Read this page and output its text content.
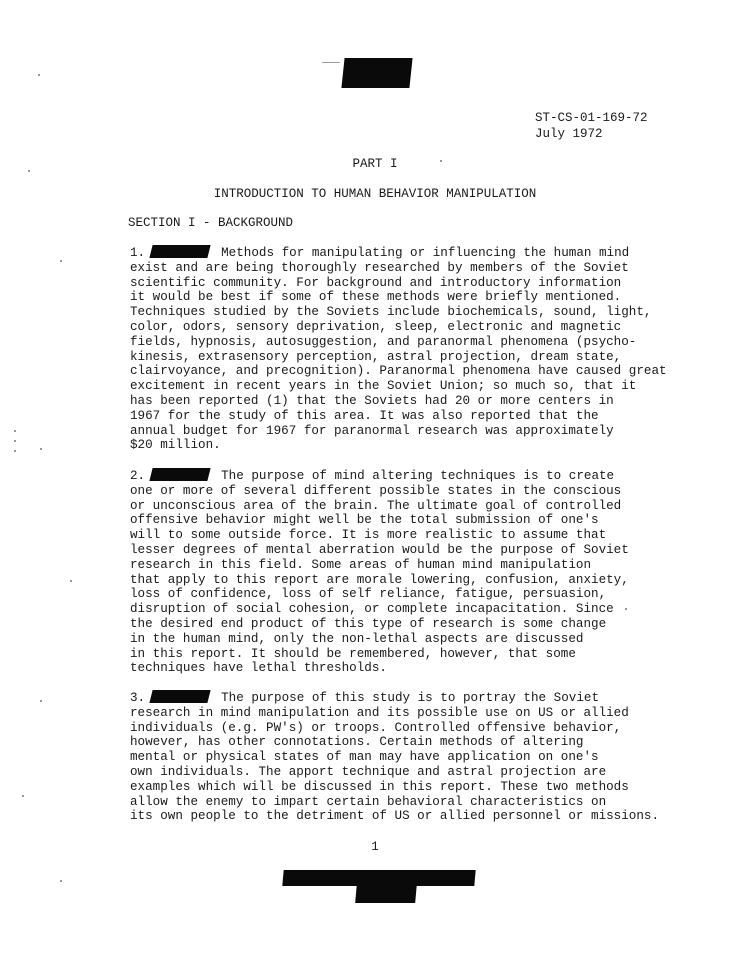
ST-CS-01-169-72
July 1972
PART I
INTRODUCTION TO HUMAN BEHAVIOR MANIPULATION
SECTION I - BACKGROUND
1.	Methods for manipulating or influencing the human mind
exist and are being thoroughly researched by members of the Soviet
scientific community. For background and introductory information
it would be best if some of these methods were briefly mentioned.
Techniques studied by the Soviets include biochemicals, sound, light,
color, odors, sensory deprivation, sleep, electronic and magnetic
fields, hypnosis, autosuggestion, and paranormal phenomena (psycho-
kinesis, extrasensory perception, astral projection, dream state,
clairvoyance, and precognition). Paranormal phenomena have caused great
excitement in recent years in the Soviet Union; so much so, that it
has been reported (1) that the Soviets had 20 or more centers in
1967 for the study of this area. It was also reported that the
annual budget for 1967 for paranormal research was approximately
$20 million.
2.	The purpose of mind altering techniques is to create
one or more of several different possible states in the conscious
or unconscious area of the brain. The ultimate goal of controlled
offensive behavior might well be the total submission of one's
will to some outside force. It is more realistic to assume that
lesser degrees of mental aberration would be the purpose of Soviet
research in this field. Some areas of human mind manipulation
that apply to this report are morale lowering, confusion, anxiety,
loss of confidence, loss of self reliance, fatigue, persuasion,
disruption of social cohesion, or complete incapacitation. Since
the desired end product of this type of research is some change
in the human mind, only the non-lethal aspects are discussed
in this report. It should be remembered, however, that some
techniques have lethal thresholds.
3.	The purpose of this study is to portray the Soviet
research in mind manipulation and its possible use on US or allied
individuals (e.g. PW's) or troops. Controlled offensive behavior,
however, has other connotations. Certain methods of altering
mental or physical states of man may have application on one's
own individuals. The apport technique and astral projection are
examples which will be discussed in this report. These two methods
allow the enemy to impart certain behavioral characteristics on
its own people to the detriment of US or allied personnel or missions.
1
